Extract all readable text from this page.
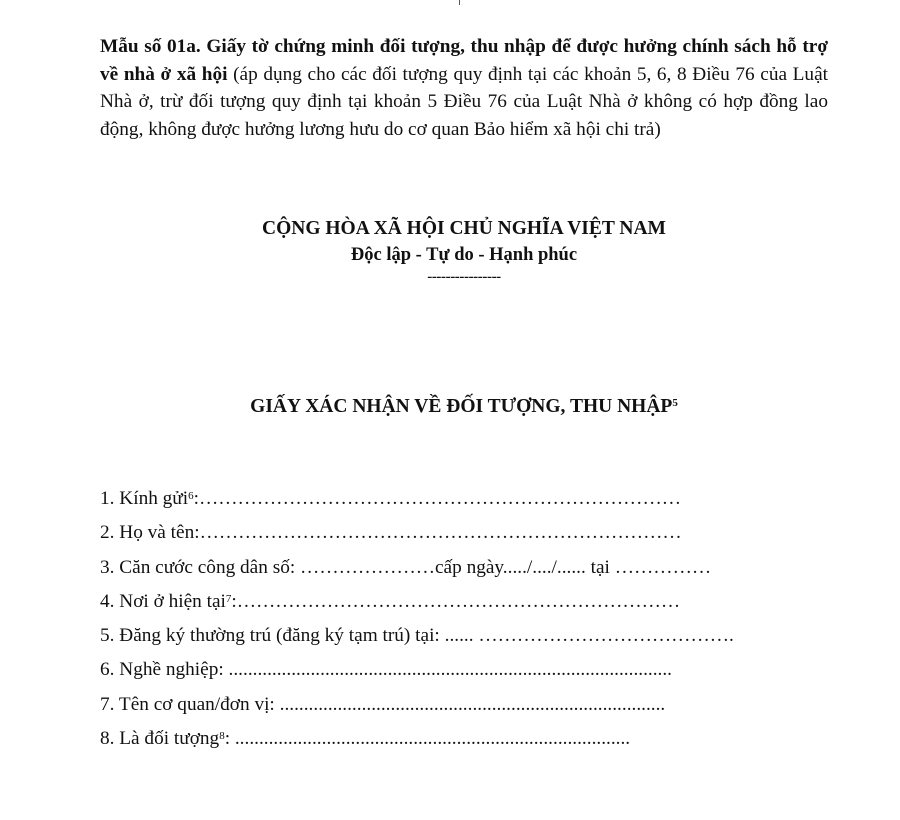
Mẫu số 01a. Giấy tờ chứng minh đối tượng, thu nhập để được hưởng chính sách hỗ trợ về nhà ở xã hội (áp dụng cho các đối tượng quy định tại các khoản 5, 6, 8 Điều 76 của Luật Nhà ở, trừ đối tượng quy định tại khoản 5 Điều 76 của Luật Nhà ở không có hợp đồng lao động, không được hưởng lương hưu do cơ quan Bảo hiểm xã hội chi trả)

CỘNG HÒA XÃ HỘI CHỦ NGHĨA VIỆT NAM
Độc lập - Tự do - Hạnh phúc
----------------
GIẤY XÁC NHẬN VỀ ĐỐI TƯỢNG, THU NHẬP$^5$
1. Kính gửi$^6$:…………………………………………………………………
2. Họ và tên:…………………………………………………………………
3. Căn cước công dân số: …………………cấp ngày...../..../...... tại ……………
4. Nơi ở hiện tại$^7$:……………………………………………………………
5. Đăng ký thường trú (đăng ký tạm trú) tại: ...... ………………………………….
6. Nghề nghiệp: ............................................................................................
7. Tên cơ quan/đơn vị: ................................................................................
8. Là đối tượng$^8$: ..................................................................................
